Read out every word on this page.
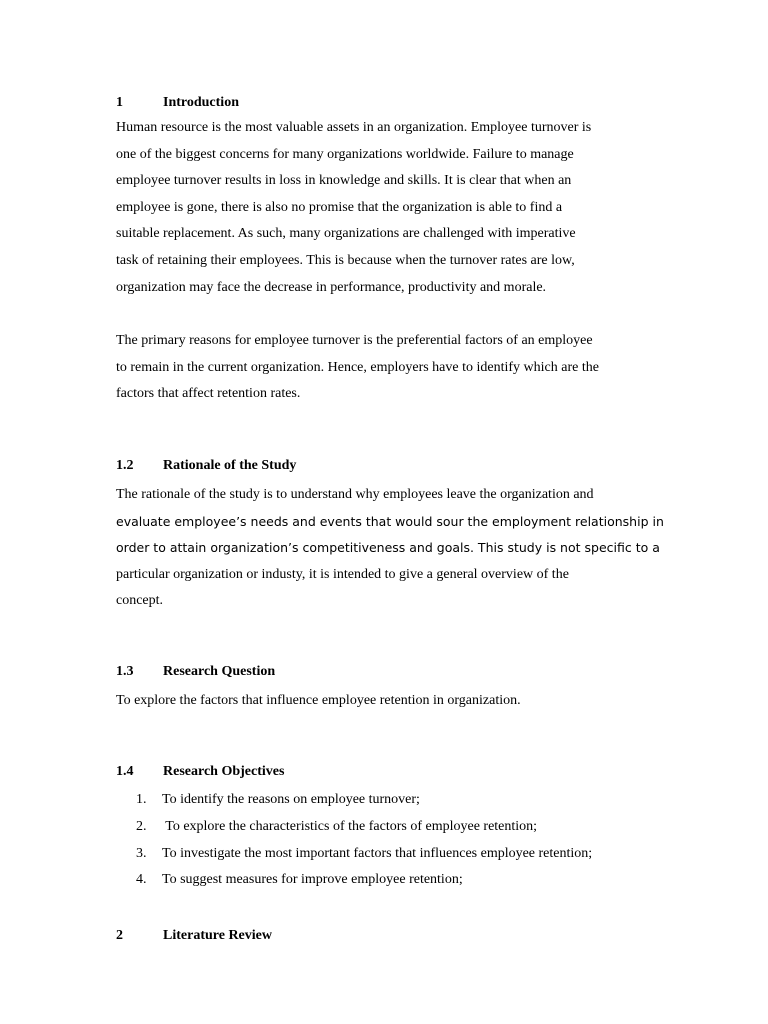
1	Introduction
Human resource is the most valuable assets in an organization. Employee turnover is
one of the biggest concerns for many organizations worldwide. Failure to manage
employee turnover results in loss in knowledge and skills. It is clear that when an
employee is gone, there is also no promise that the organization is able to find a
suitable replacement. As such, many organizations are challenged with imperative
task of retaining their employees. This is because when the turnover rates are low,
organization may face the decrease in performance, productivity and morale.
The primary reasons for employee turnover is the preferential factors of an employee
to remain in the current organization. Hence, employers have to identify which are the
factors that affect retention rates.
1.2 Rationale of the Study
The rationale of the study is to understand why employees leave the organization and
evaluate employee’s needs and events that would sour the employment relationship in
order to attain organization’s competitiveness and goals. This study is not specific to a
particular organization or industy, it is intended to give a general overview of the
concept.
1.3 Research Question
To explore the factors that influence employee retention in organization.
1.4 Research Objectives
1. To identify the reasons on employee turnover;
2. To explore the characteristics of the factors of employee retention;
3. To investigate the most important factors that influences employee retention;
4. To suggest measures for improve employee retention;
2	Literature Review
